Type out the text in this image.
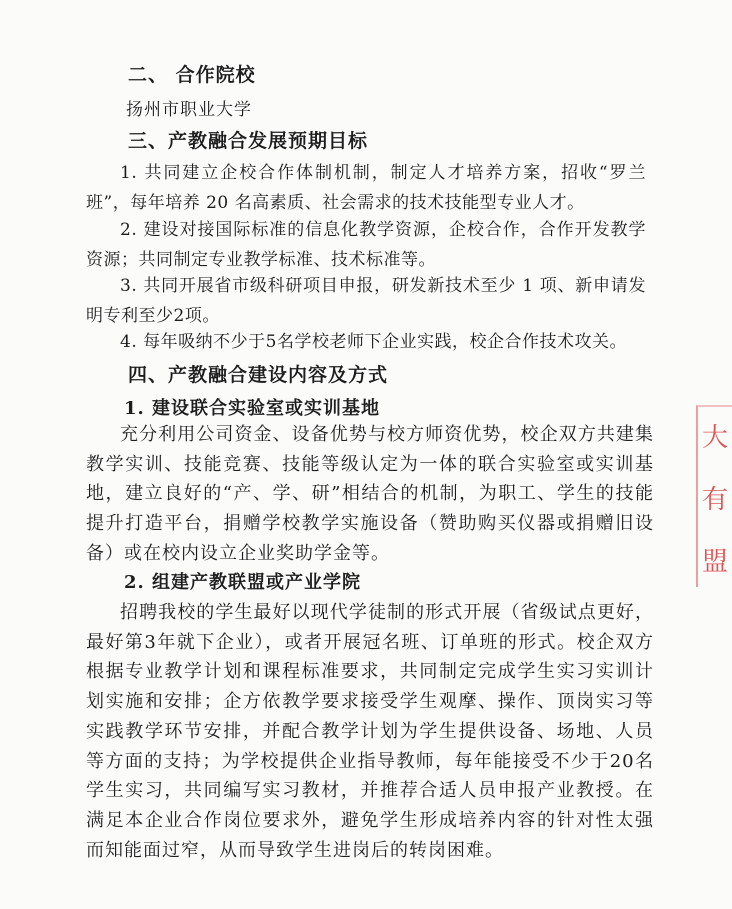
二、 合作院校

扬州市职业大学

三、产教融合发展预期目标

1. 共同建立企校合作体制机制，制定人才培养方案，招收“罗兰班”，每年培养 20 名高素质、社会需求的技术技能型专业人才。

2. 建设对接国际标准的信息化教学资源，企校合作，合作开发教学资源；共同制定专业教学标准、技术标准等。

3. 共同开展省市级科研项目申报，研发新技术至少 1 项、新申请发明专利至少2项。

4. 每年吸纳不少于5名学校老师下企业实践，校企合作技术攻关。

四、产教融合建设内容及方式
1. 建设联合实验室或实训基地

充分利用公司资金、设备优势与校方师资优势，校企双方共建集教学实训、技能竞赛、技能等级认定为一体的联合实验室或实训基地，建立良好的“产、学、研”相结合的机制，为职工、学生的技能提升打造平台，捐赠学校教学实施设备（赞助购买仪器或捐赠旧设备）或在校内设立企业奖助学金等。

2. 组建产教联盟或产业学院

招聘我校的学生最好以现代学徒制的形式开展（省级试点更好，最好第3年就下企业），或者开展冠名班、订单班的形式。校企双方根据专业教学计划和课程标准要求，共同制定完成学生实习实训计划实施和安排；企方依教学要求接受学生观摩、操作、顶岗实习等实践教学环节安排，并配合教学计划为学生提供设备、场地、人员等方面的支持；为学校提供企业指导教师，每年能接受不少于20名学生实习，共同编写实习教材，并推荐合适人员申报产业教授。在满足本企业合作岗位要求外，避免学生形成培养内容的针对性太强而知能面过窄，从而导致学生进岗后的转岗困难。

大
有
盟
